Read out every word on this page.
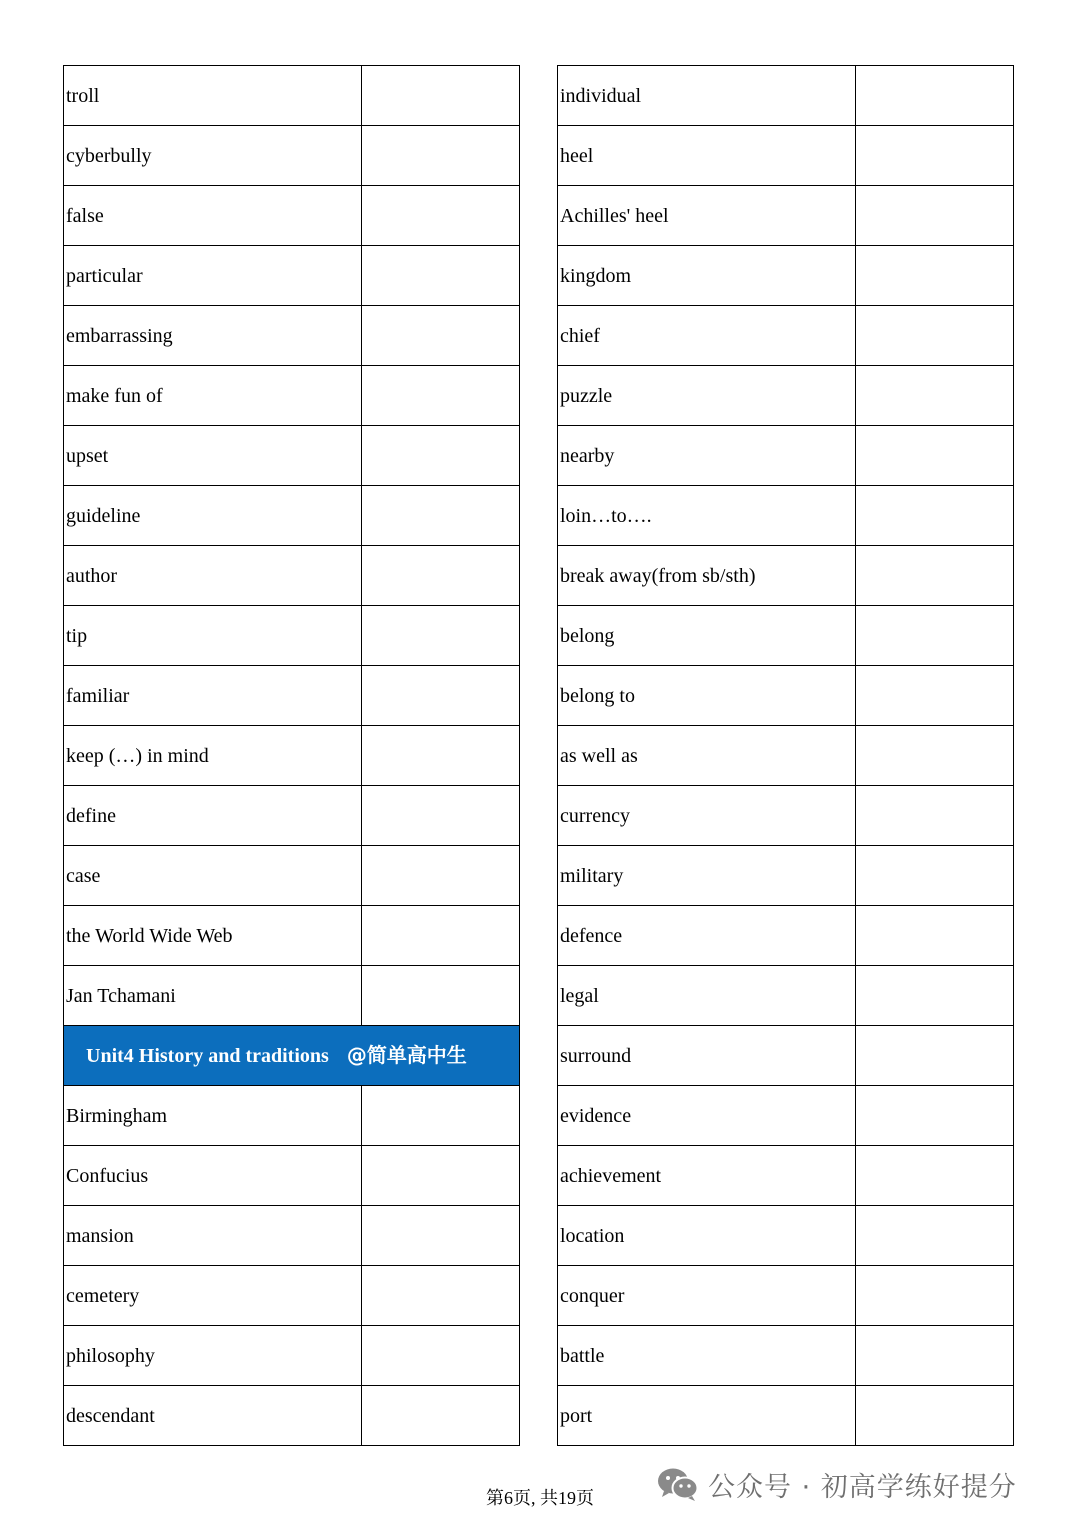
troll	
cyberbully	
false	
particular	
embarrassing	
make fun of	
upset	
guideline	
author	
tip	
familiar	
keep (…) in mind	
define	
case	
the World Wide Web	
Jan Tchamani	
Unit4 History and traditions @简单高中生	
Birmingham	
Confucius	
mansion	
cemetery	
philosophy	
descendant	
individual	
heel	
Achilles' heel	
kingdom	
chief	
puzzle	
nearby	
loin…to….	
break away(from sb/sth)	
belong	
belong to	
as well as	
currency	
military	
defence	
legal	
surround	
evidence	
achievement	
location	
conquer	
battle	
port	
第6页, 共19页	公众号 · 初高学练好提分
